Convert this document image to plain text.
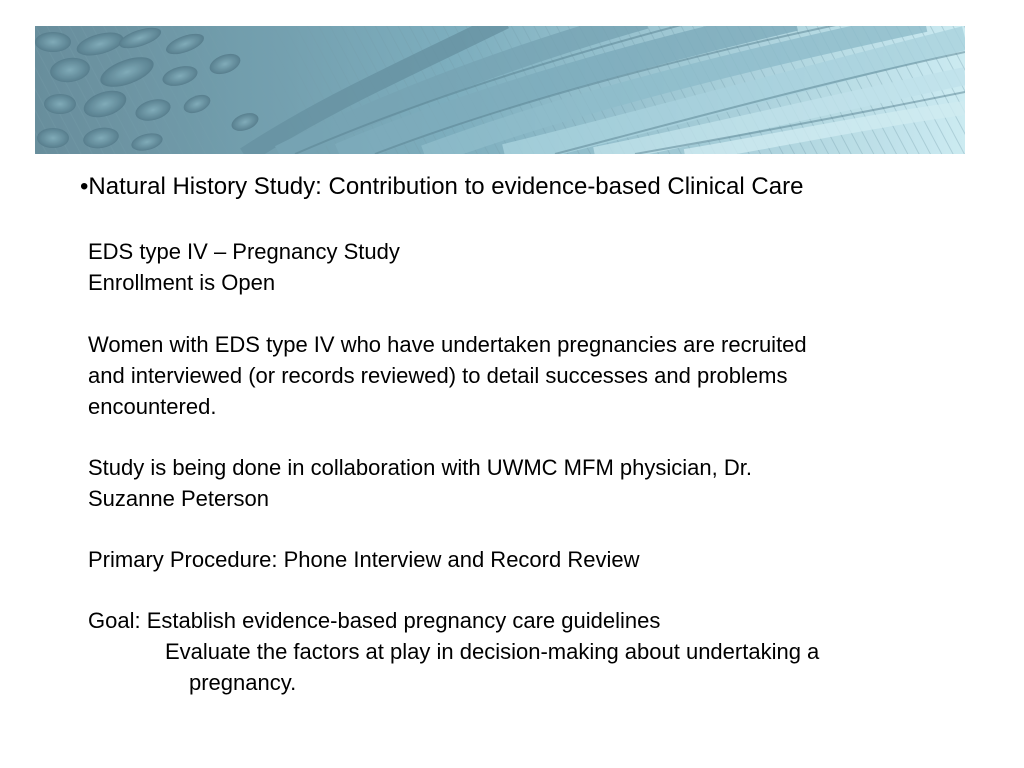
•Natural History Study: Contribution to evidence-based Clinical Care
EDS type IV – Pregnancy Study
Enrollment is Open
Women with EDS type IV who have undertaken pregnancies are recruited
and interviewed (or records reviewed) to detail successes and problems
encountered.
Study is being done in collaboration with UWMC MFM physician, Dr.
Suzanne Peterson
Primary Procedure: Phone Interview and Record Review
Goal: Establish evidence-based pregnancy care guidelines
Evaluate the factors at play in decision-making about undertaking a
pregnancy.
